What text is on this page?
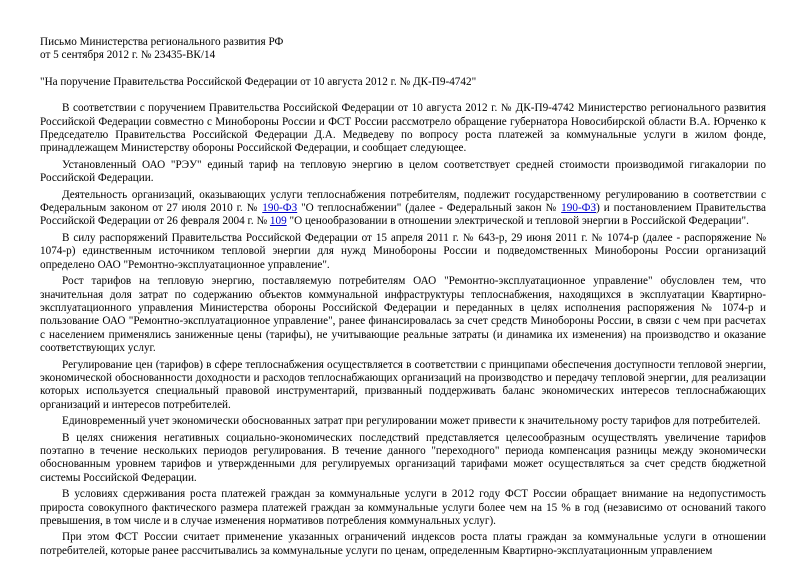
Письмо Министерства регионального развития РФ

от 5 сентября 2012 г. № 23435-ВК/14

"На поручение Правительства Российской Федерации от 10 августа 2012 г. № ДК-П9-4742"

В соответствии с поручением Правительства Российской Федерации от 10 августа 2012 г. № ДК-П9-4742 Министерство регионального развития Российской Федерации совместно с Минобороны России и ФСТ России рассмотрело обращение губернатора Новосибирской области В.А. Юрченко к Председателю Правительства Российской Федерации Д.А. Медведеву по вопросу роста платежей за коммунальные услуги в жилом фонде, принадлежащем Министерству обороны Российской Федерации, и сообщает следующее.

Установленный ОАО "РЭУ" единый тариф на тепловую энергию в целом соответствует средней стоимости производимой гигакалории по Российской Федерации.

Деятельность организаций, оказывающих услуги теплоснабжения потребителям, подлежит государственному регулированию в соответствии с Федеральным законом от 27 июля 2010 г. № 190-ФЗ "О теплоснабжении" (далее - Федеральный закон № 190-ФЗ) и постановлением Правительства Российской Федерации от 26 февраля 2004 г. № 109 "О ценообразовании в отношении электрической и тепловой энергии в Российской Федерации".

В силу распоряжений Правительства Российской Федерации от 15 апреля 2011 г. № 643-р, 29 июня 2011 г. № 1074-р (далее - распоряжение № 1074-р) единственным источником тепловой энергии для нужд Минобороны России и подведомственных Минобороны России организаций определено ОАО "Ремонтно-эксплуатационное управление".

Рост тарифов на тепловую энергию, поставляемую потребителям ОАО "Ремонтно-эксплуатационное управление" обусловлен тем, что значительная доля затрат по содержанию объектов коммунальной инфраструктуры теплоснабжения, находящихся в эксплуатации Квартирно-эксплуатационного управления Министерства обороны Российской Федерации и переданных в целях исполнения распоряжения № 1074-р и пользование ОАО "Ремонтно-эксплуатационное управление", ранее финансировалась за счет средств Минобороны России, в связи с чем при расчетах с населением применялись заниженные цены (тарифы), не учитывающие реальные затраты (и динамика их изменения) на производство и оказание соответствующих услуг.

Регулирование цен (тарифов) в сфере теплоснабжения осуществляется в соответствии с принципами обеспечения доступности тепловой энергии, экономической обоснованности доходности и расходов теплоснабжающих организаций на производство и передачу тепловой энергии, для реализации которых используется специальный правовой инструментарий, призванный поддерживать баланс экономических интересов теплоснабжающих организаций и интересов потребителей.

Единовременный учет экономически обоснованных затрат при регулировании может привести к значительному росту тарифов для потребителей.

В целях снижения негативных социально-экономических последствий представляется целесообразным осуществлять увеличение тарифов поэтапно в течение нескольких периодов регулирования. В течение данного "переходного" периода компенсация разницы между экономически обоснованным уровнем тарифов и утвержденными для регулируемых организаций тарифами может осуществляться за счет средств бюджетной системы Российской Федерации.

В условиях сдерживания роста платежей граждан за коммунальные услуги в 2012 году ФСТ России обращает внимание на недопустимость прироста совокупного фактического размера платежей граждан за коммунальные услуги более чем на 15 % в год (независимо от оснований такого превышения, в том числе и в случае изменения нормативов потребления коммунальных услуг).

При этом ФСТ России считает применение указанных ограничений индексов роста платы граждан за коммунальные услуги в отношении потребителей, которые ранее рассчитывались за коммунальные услуги по ценам, определенным Квартирно-эксплуатационным управлением
